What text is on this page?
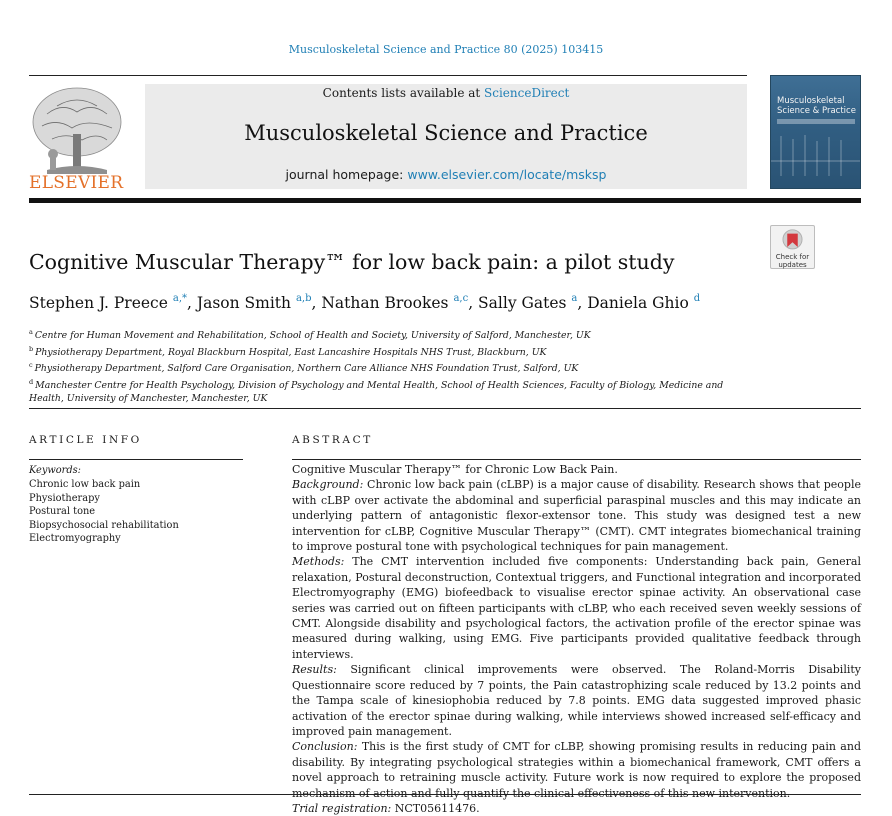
Musculoskeletal Science and Practice 80 (2025) 103415
ELSEVIER
Contents lists available at ScienceDirect
Musculoskeletal Science and Practice
journal homepage: www.elsevier.com/locate/msksp
Musculoskeletal Science & Practice
Check for updates
Cognitive Muscular Therapy™ for low back pain: a pilot study
Stephen J. Preece $^{a,*}$, Jason Smith $^{a,b}$, Nathan Brookes $^{a,c}$, Sally Gates $^a$, Daniela Ghio $^d$
$^a$ Centre for Human Movement and Rehabilitation, School of Health and Society, University of Salford, Manchester, UK
$^b$ Physiotherapy Department, Royal Blackburn Hospital, East Lancashire Hospitals NHS Trust, Blackburn, UK
$^c$ Physiotherapy Department, Salford Care Organisation, Northern Care Alliance NHS Foundation Trust, Salford, UK
$^d$ Manchester Centre for Health Psychology, Division of Psychology and Mental Health, School of Health Sciences, Faculty of Biology, Medicine and Health, University of Manchester, Manchester, UK
ARTICLE INFO
Keywords:
Chronic low back pain
Physiotherapy
Postural tone
Biopsychosocial rehabilitation
Electromyography
ABSTRACT

Cognitive Muscular Therapy™ for Chronic Low Back Pain.

Background: Chronic low back pain (cLBP) is a major cause of disability. Research shows that people with cLBP over activate the abdominal and superficial paraspinal muscles and this may indicate an underlying pattern of antagonistic flexor-extensor tone. This study was designed test a new intervention for cLBP, Cognitive Muscular Therapy™ (CMT). CMT integrates biomechanical training to improve postural tone with psychological techniques for pain management.

Methods: The CMT intervention included five components: Understanding back pain, General relaxation, Postural deconstruction, Contextual triggers, and Functional integration and incorporated Electromyography (EMG) biofeedback to visualise erector spinae activity. An observational case series was carried out on fifteen participants with cLBP, who each received seven weekly sessions of CMT. Alongside disability and psychological factors, the activation profile of the erector spinae was measured during walking, using EMG. Five participants provided qualitative feedback through interviews.

Results: Significant clinical improvements were observed. The Roland-Morris Disability Questionnaire score reduced by 7 points, the Pain catastrophizing scale reduced by 13.2 points and the Tampa scale of kinesiophobia reduced by 7.8 points. EMG data suggested improved phasic activation of the erector spinae during walking, while interviews showed increased self-efficacy and improved pain management.

Conclusion: This is the first study of CMT for cLBP, showing promising results in reducing pain and disability. By integrating psychological strategies within a biomechanical framework, CMT offers a novel approach to retraining muscle activity. Future work is now required to explore the proposed

Trial registration: NCT05611476.
